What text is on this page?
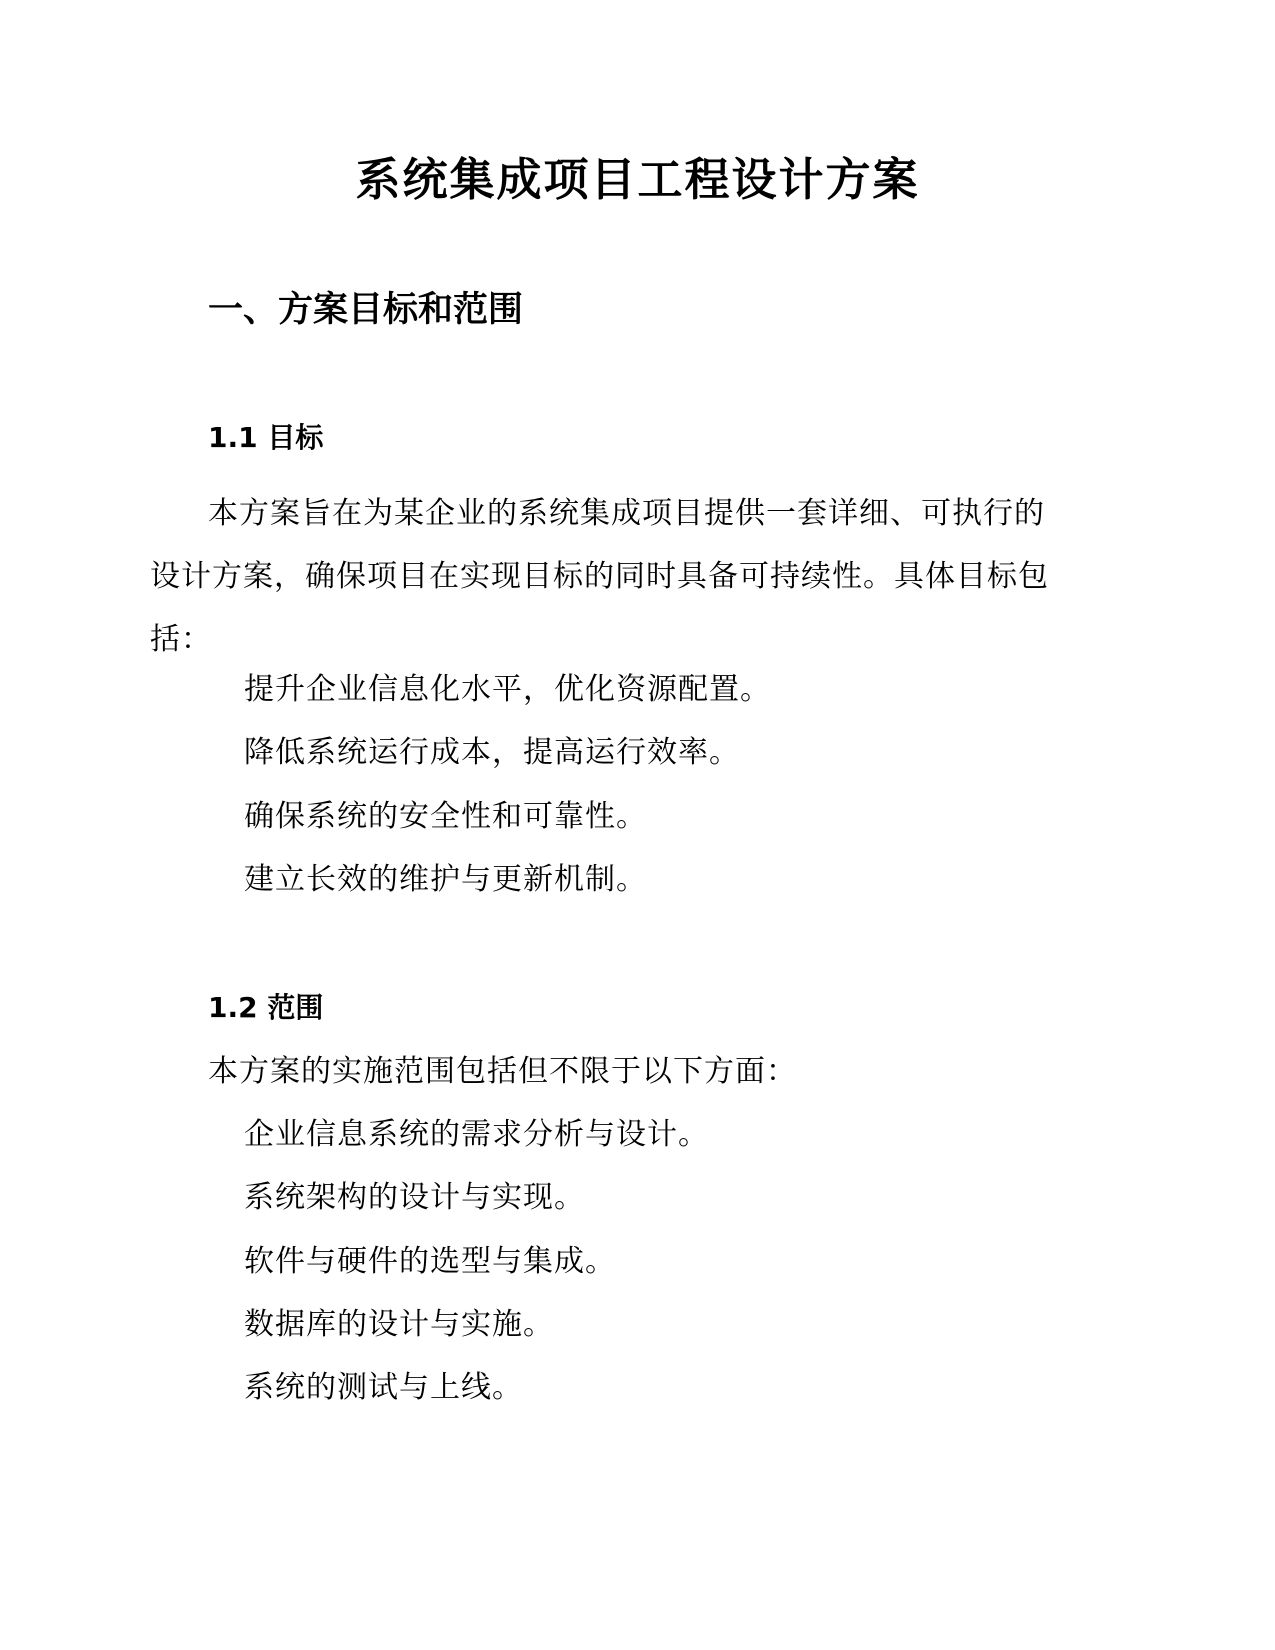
系统集成项目工程设计方案
一、方案目标和范围
1.1 目标

本方案旨在为某企业的系统集成项目提供一套详细、可执行的设计方案，确保项目在实现目标的同时具备可持续性。具体目标包括：

提升企业信息化水平，优化资源配置。
降低系统运行成本，提高运行效率。
确保系统的安全性和可靠性。
建立长效的维护与更新机制。
1.2 范围
本方案的实施范围包括但不限于以下方面：
企业信息系统的需求分析与设计。
系统架构的设计与实现。
软件与硬件的选型与集成。
数据库的设计与实施。
系统的测试与上线。
